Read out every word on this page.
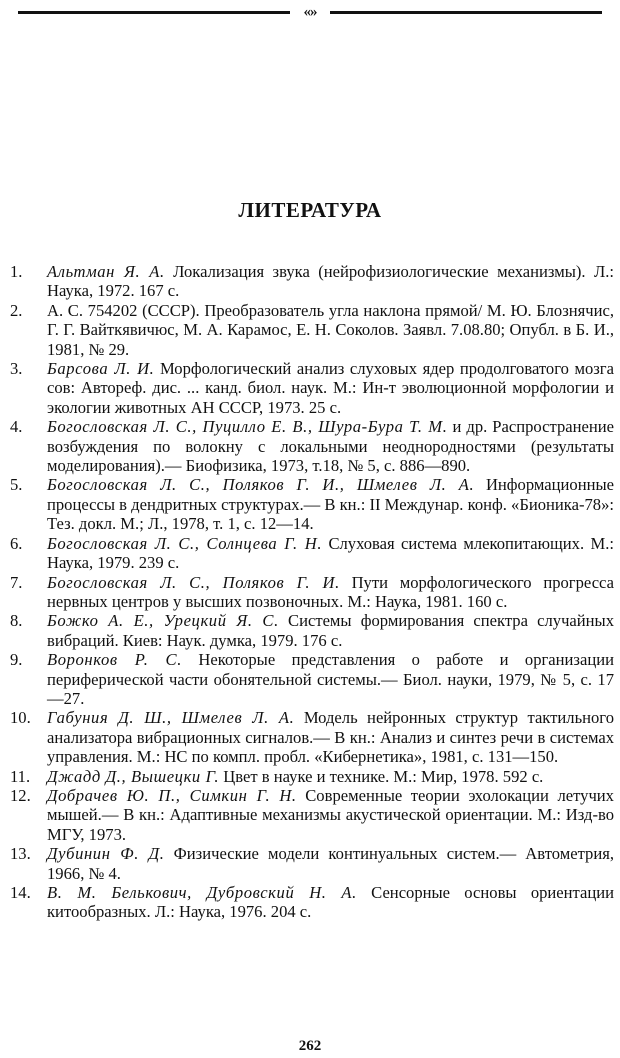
«»
ЛИТЕРАТУРА
1.	Альтман Я. А. Локализация звука (нейрофизиологические механизмы). Л.: Наука, 1972. 167 с.
2.	А. С. 754202 (СССР). Преобразователь угла наклона прямой/ М. Ю. Блознячис, Г. Г. Вайткявичюс, М. А. Карамос, Е. Н. Соколов. Заявл. 7.08.80; Опубл. в Б. И., 1981, № 29.
3.	Барсова Л. И. Морфологический анализ слуховых ядер продолговатого мозга сов: Автореф. дис. ... канд. биол. наук. М.: Ин-т эволюционной морфологии и экологии животных АН СССР, 1973. 25 с.
4.	Богословская Л. С., Пуцилло Е. В., Шура-Бура Т. М. и др. Распространение возбуждения по волокну с локальными неоднородностями (результаты моделирования).— Биофизика, 1973, т.18, № 5, с. 886—890.
5.	Богословская Л. С., Поляков Г. И., Шмелев Л. А. Информационные процессы в дендритных структурах.— В кн.: II Междунар. конф. «Бионика-78»: Тез. докл. М.; Л., 1978, т. 1, с. 12—14.
6.	Богословская Л. С., Солнцева Г. Н. Слуховая система млекопитающих. М.: Наука, 1979. 239 с.
7.	Богословская Л. С., Поляков Г. И. Пути морфологического прогресса нервных центров у высших позвоночных. М.: Наука, 1981. 160 с.
8.	Божко А. Е., Урецкий Я. С. Системы формирования спектра случайных вибраций. Киев: Наук. думка, 1979. 176 с.
9.	Воронков Р. С. Некоторые представления о работе и организации периферической части обонятельной системы.— Биол. науки, 1979, № 5, с. 17—27.
10. Габуния Д. Ш., Шмелев Л. А. Модель нейронных структур тактильного анализатора вибрационных сигналов.— В кн.: Анализ и синтез речи в системах управления. М.: НС по компл. пробл. «Кибернетика», 1981, с. 131—150.
11.	Джадд Д., Вышецки Г. Цвет в науке и технике. М.: Мир, 1978. 592 с.
12. Добрачев Ю. П., Симкин Г. Н. Современные теории эхолокации летучих мышей.— В кн.: Адаптивные механизмы акустической ориентации. М.: Изд-во МГУ, 1973.
13. Дубинин Ф. Д. Физические модели континуальных систем.— Автометрия, 1966, № 4.
14. В. М. Белькович, Дубровский Н. А. Сенсорные основы ориентации китообразных. Л.: Наука, 1976. 204 с.
262
